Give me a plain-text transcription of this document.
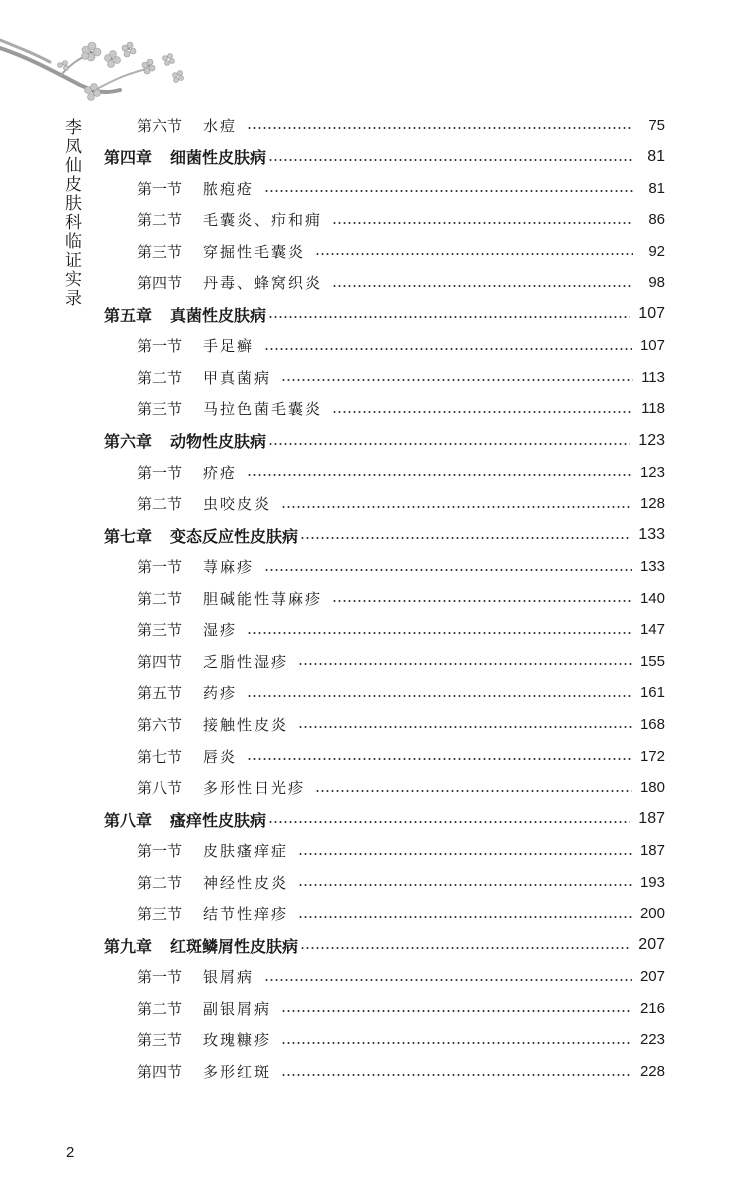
李凤仙皮肤科临证实录	第六节	水痘	75
第四章	细菌性皮肤病	81
第一节	脓疱疮	81
第二节	毛囊炎、疖和痈	86
第三节	穿掘性毛囊炎	92
第四节	丹毒、蜂窝织炎	98
第五章	真菌性皮肤病	107
第一节	手足癣	107
第二节	甲真菌病	113
第三节	马拉色菌毛囊炎	118
第六章	动物性皮肤病	123
第一节	疥疮	123
第二节	虫咬皮炎	128
第七章	变态反应性皮肤病	133
第一节	荨麻疹	133
第二节	胆碱能性荨麻疹	140
第三节	湿疹	147
第四节	乏脂性湿疹	155
第五节	药疹	161
第六节	接触性皮炎	168
第七节	唇炎	172
第八节	多形性日光疹	180
第八章	瘙痒性皮肤病	187
第一节	皮肤瘙痒症	187
第二节	神经性皮炎	193
第三节	结节性痒疹	200
第九章	红斑鳞屑性皮肤病	207
第一节	银屑病	207
第二节	副银屑病	216
第三节	玫瑰糠疹	223
第四节	多形红斑	228
2
